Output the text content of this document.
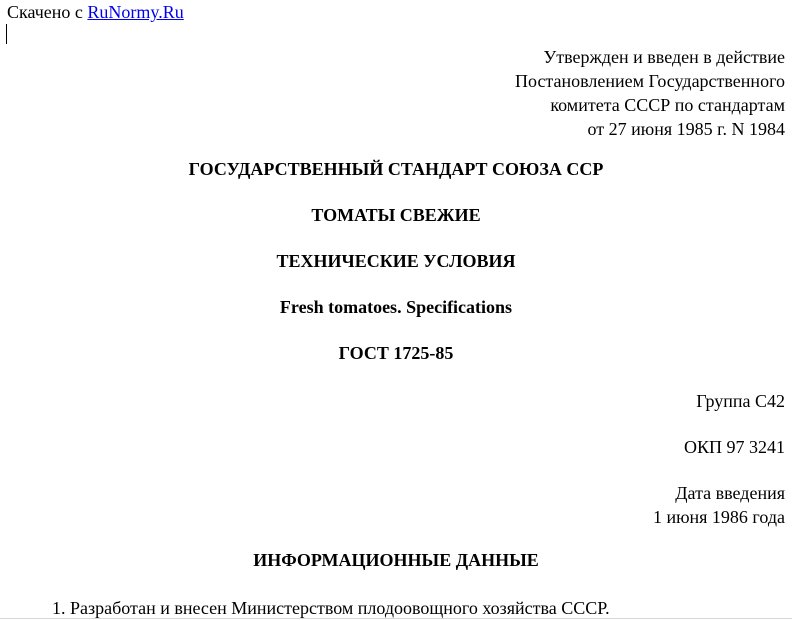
Скачено с RuNormy.Ru
Утвержден и введен в действие
Постановлением Государственного
комитета СССР по стандартам
от 27 июня 1985 г. N 1984
ГОСУДАРСТВЕННЫЙ СТАНДАРТ СОЮЗА ССР
ТОМАТЫ СВЕЖИЕ
ТЕХНИЧЕСКИЕ УСЛОВИЯ
Fresh tomatoes. Specifications
ГОСТ 1725-85
Группа С42
ОКП 97 3241
Дата введения
1 июня 1986 года
ИНФОРМАЦИОННЫЕ ДАННЫЕ
1. Разработан и внесен Министерством плодоовощного хозяйства СССР.
